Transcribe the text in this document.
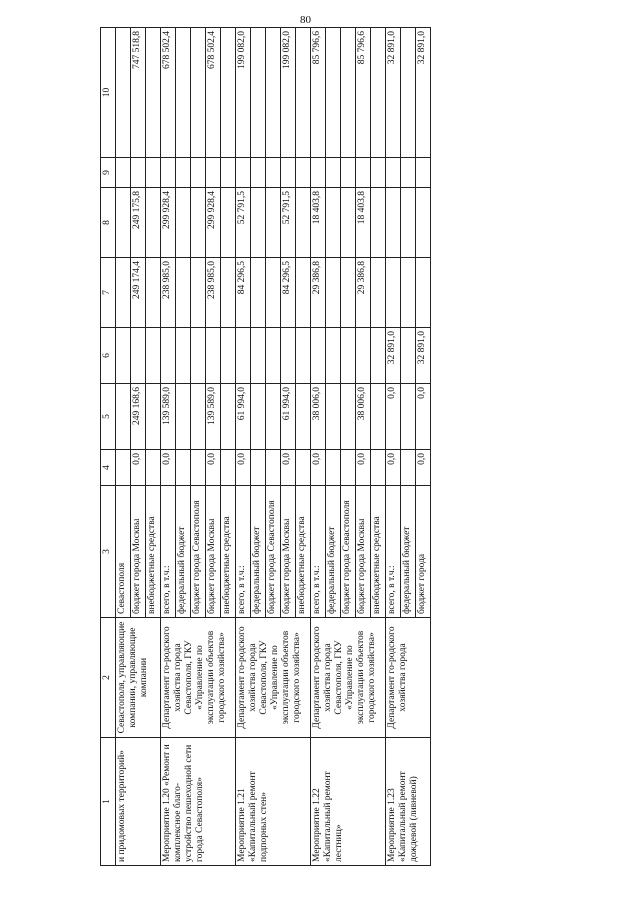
80
1	2	3	4	5	6	7	8	9	10
и придомовых территорий»	Севастополя, управляющие компании, управляющие компании	Севастополя							
		бюджет города Москвы	0,0	249 168,6		249 174,4	249 175,8		747 518,8
		внебюджетные средства							
Мероприятие 1.20 «Ремонт и комплексное благо-устройство пешеходной сети города Севастополя»	Департамент го-родского хозяйства города Севастополя, ГКУ «Управление по эксплуатации объектов городского хозяйства»	всего, в т.ч.:	0,0	139 589,0		238 985,0	299 928,4		678 502,4
		федеральный бюджет							
		бюджет города Севастополя							
		бюджет города Москвы	0,0	139 589,0		238 985,0	299 928,4		678 502,4
		внебюджетные средства							
Мероприятие 1.21 «Капитальный ремонт подпорных стен»	Департамент го-родского хозяйства города Севастополя, ГКУ «Управление по эксплуатации объектов городского хозяйства»	всего, в т.ч.:	0,0	61 994,0		84 296,5	52 791,5		199 082,0
		федеральный бюджет							
		бюджет города Севастополя							
		бюджет города Москвы	0,0	61 994,0		84 296,5	52 791,5		199 082,0
		внебюджетные средства							
Мероприятие 1.22 «Капитальный ремонт лестниц»	Департамент го-родского хозяйства города Севастополя, ГКУ «Управление по эксплуатации объектов городского хозяйства»	всего, в т.ч.:	0,0	38 006,0		29 386,8	18 403,8		85 796,6
		федеральный бюджет							
		бюджет города Севастополя							
		бюджет города Москвы	0,0	38 006,0		29 386,8	18 403,8		85 796,6
		внебюджетные средства							
Мероприятие 1.23 «Капитальный ремонт дождевой (ливневой)	Департамент го-родского хозяйства города	всего, в т.ч.:	0,0	0,0	32 891,0				32 891,0
		федеральный бюджет							
		бюджет города	0,0	0,0	32 891,0				32 891,0
